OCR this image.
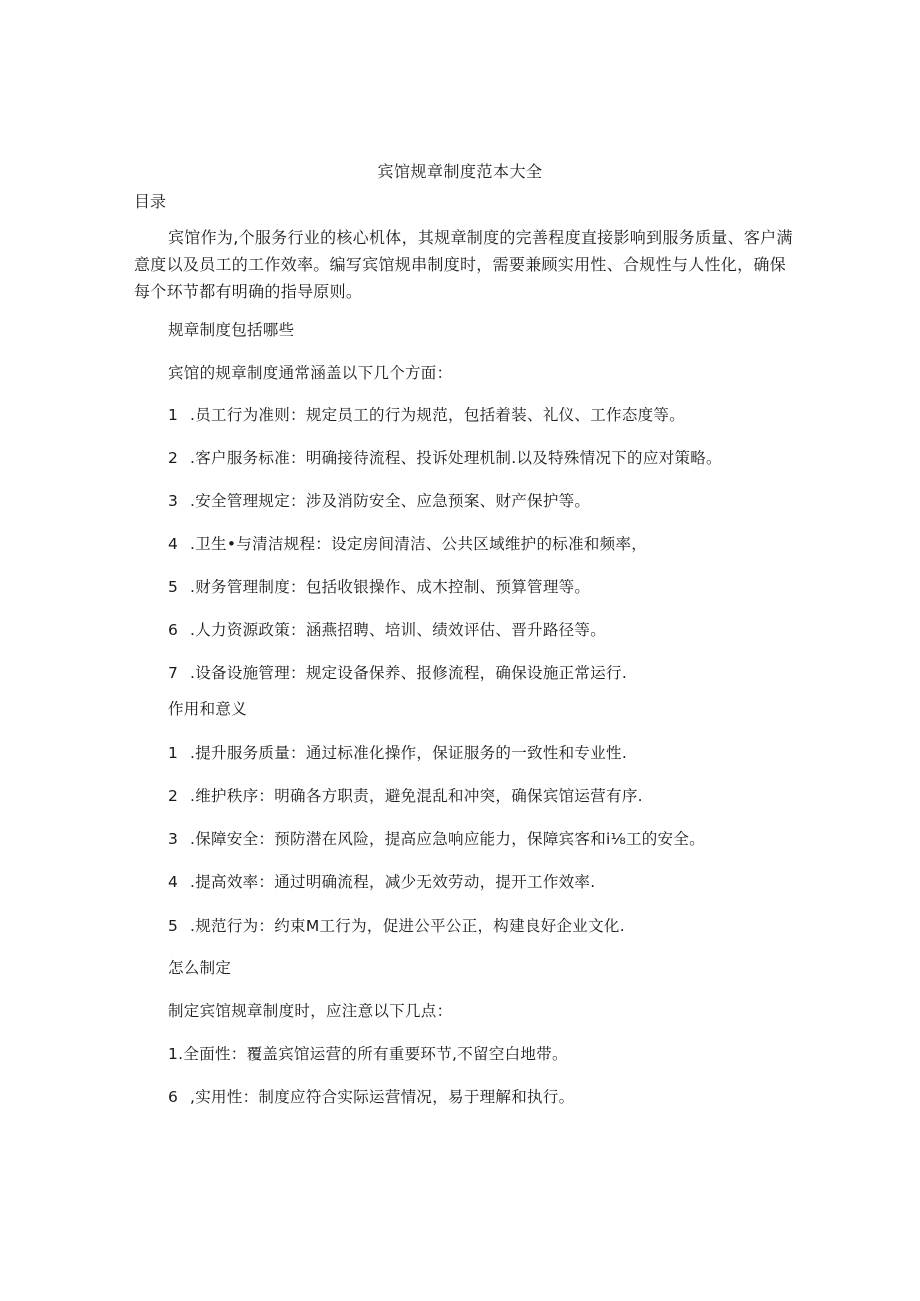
宾馆规章制度范本大全
目录
宾馆作为,个服务行业的核心机体，其规章制度的完善程度直接影响到服务质量、客户满意度以及员工的工作效率。编写宾馆规串制度时，需要兼顾实用性、合规性与人性化，确保每个环节都有明确的指导原则。
规章制度包括哪些
宾馆的规章制度通常涵盖以下几个方面：
1 .员工行为准则：规定员工的行为规范，包括着装、礼仪、工作态度等。
2 .客户服务标准：明确接待流程、投诉处理机制.以及特殊情况下的应对策略。
3 .安全管理规定：涉及消防安全、应急预案、财产保护等。
4 .卫生•与清洁规程：设定房间清洁、公共区域维护的标准和频率，
5 .财务管理制度：包括收银操作、成木控制、预算管理等。
6 .人力资源政策：涵燕招聘、培训、绩效评估、晋升路径等。
7 .设备设施管理：规定设备保养、报修流程，确保设施正常运行.
作用和意义
1 .提升服务质量：通过标准化操作，保证服务的一致性和专业性.
2 .维护秩序：明确各方职责，避免混乱和冲突，确保宾馆运营有序.
3 .保障安全：预防潜在风险，提高应急响应能力，保障宾客和i⅛工的安全。
4 .提高效率：通过明确流程，减少无效劳动，提开工作效率.
5 .规范行为：约束M工行为，促进公平公正，构建良好企业文化.
怎么制定
制定宾馆规章制度时，应注意以下几点：
1.全面性：覆盖宾馆运营的所有重要环节,不留空白地带。
6 ,实用性：制度应符合实际运营情况，易于理解和执行。
